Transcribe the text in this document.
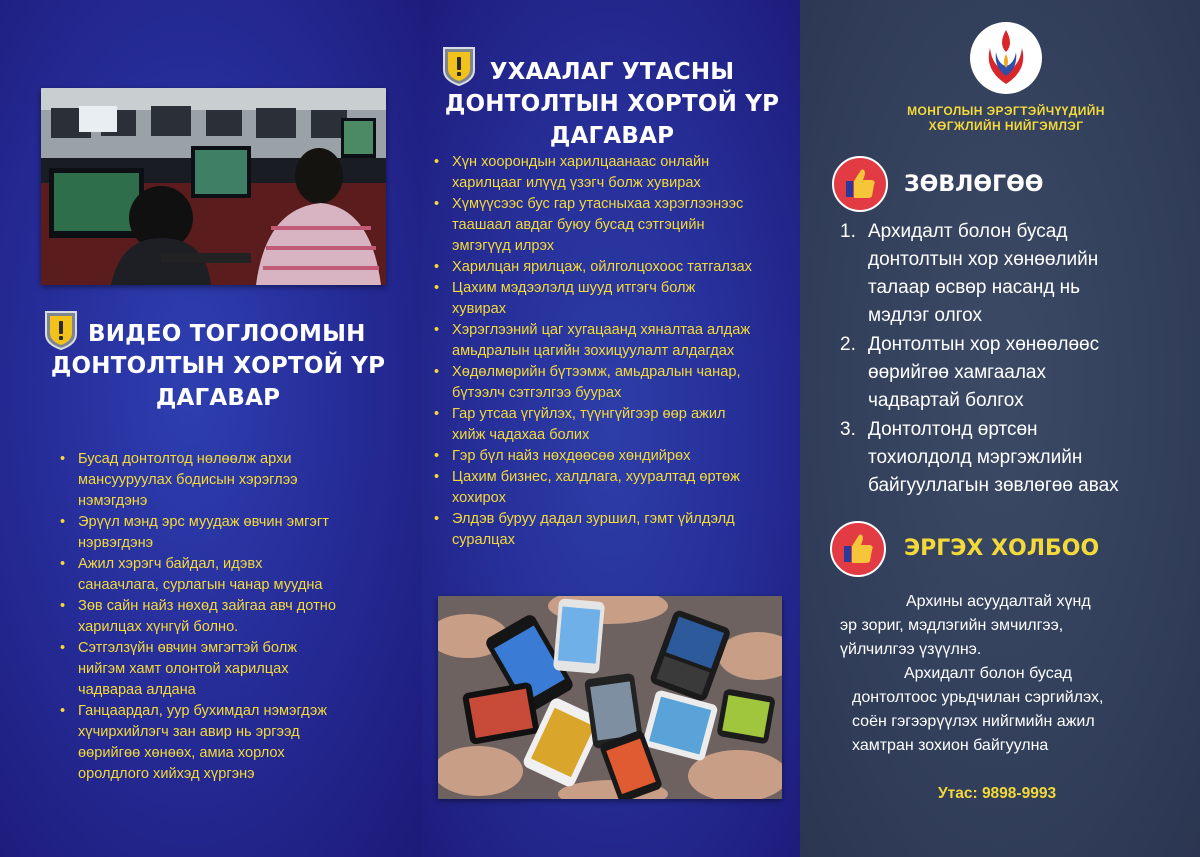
ВИДЕО ТОГЛООМЫН
ДОНТОЛТЫН ХОРТОЙ ҮР
ДАГАВАР
• Бусад донтолтод нөлөөлж архи
мансууруулах бодисын хэрэглээ
нэмэгдэнэ
• Эрүүл мэнд эрс муудаж өвчин эмгэгт
нэрвэгдэнэ
• Ажил хэрэгч байдал, идэвх
санаачлага, сурлагын чанар муудна
• Зөв сайн найз нөхөд зайгаа авч дотно
харилцах хүнгүй болно.
• Сэтгэлзүйн өвчин эмгэгтэй болж
нийгэм хамт олонтой харилцах
чадвараа алдана
• Ганцаардал, уур бухимдал нэмэгдэж
хүчирхийлэгч зан авир нь эргээд
өөрийгөө хөнөөх, амиа хорлох
оролдлого хийхэд хүргэнэ
УХААЛАГ УТАСНЫ
ДОНТОЛТЫН ХОРТОЙ ҮР
ДАГАВАР
• Хүн хоорондын харилцаанаас онлайн
харилцааг илүүд үзэгч болж хувирах
• Хүмүүсээс бус гар утасныхаа хэрэглээнээс
таашаал авдаг буюу бусад сэтгэцийн
эмгэгүүд илрэх
• Харилцан ярилцаж, ойлголцохоос татгалзах
• Цахим мэдээлэлд шууд итгэгч болж
хувирах
• Хэрэглээний цаг хугацаанд хяналтаа алдаж
амьдралын цагийн зохицуулалт алдагдах
• Хөдөлмөрийн бүтээмж, амьдралын чанар,
бүтээлч сэтгэлгээ буурах
• Гар утсаа үгүйлэх, түүнгүйгээр өөр ажил
хийж чадахаа болих
• Гэр бүл найз нөхдөөсөө хөндийрөх
• Цахим бизнес, халдлага, хууралтад өртөж
хохирох
• Элдэв буруу дадал зуршил, гэмт үйлдэлд
суралцах
МОНГОЛЫН ЭРЭГТЭЙЧҮҮДИЙН
ХӨГЖЛИЙН НИЙГЭМЛЭГ
ЗӨВЛӨГӨӨ
1. Архидалт болон бусад
донтолтын хор хөнөөлийн
талаар өсвөр насанд нь
мэдлэг олгох
2. Донтолтын хор хөнөөлөөс
өөрийгөө хамгаалах
чадвартай болгох
3. Донтолтонд өртсөн
тохиолдолд мэргэжлийн
байгууллагын зөвлөгөө авах
ЭРГЭХ ХОЛБОО
Архины асуудалтай хүнд
эр зориг, мэдлэгийн эмчилгээ,
үйлчилгээ үзүүлнэ.
Архидалт болон бусад
донтолтоос урьдчилан сэргийлэх,
соён гэгээрүүлэх нийгмийн ажил
хамтран зохион байгуулна
Утас: 9898-9993
